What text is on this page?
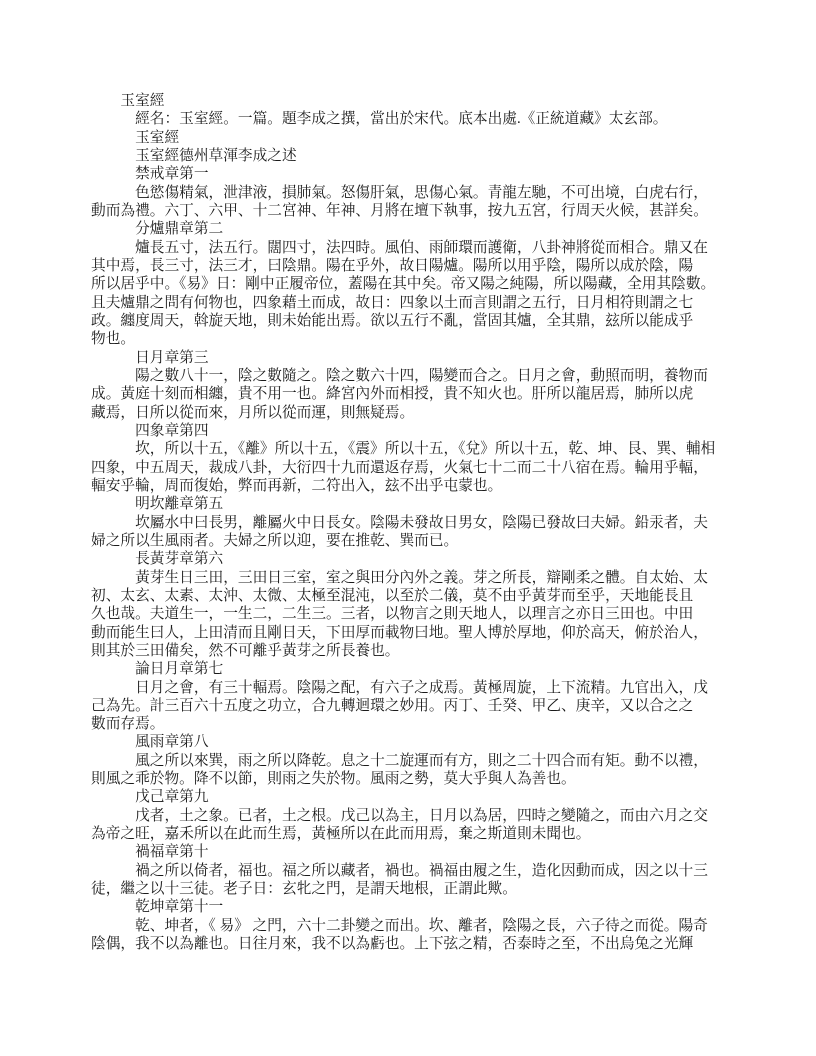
　　玉室經
　　　經名：玉室經。一篇。題李成之撰，當出於宋代。底本出處.《正統道藏》太玄部。
　　　玉室經
　　　玉室經德州草渾李成之述
　　　禁戒章第一
　　　色慾傷精氣，泄津液，損肺氣。怒傷肝氣，思傷心氣。青龍左馳，不可出境，白虎右行，
動而為禮。六丁、六甲、十二宮神、年神、月將在壇下執事，按九五宮，行周天火候，甚詳矣。
　　　分爐鼎章第二
　　　爐長五寸，法五行。闊四寸，法四時。風伯、雨師環而護衛，八卦神將從而相合。鼎又在
其中焉，長三寸，法三才，曰陰鼎。陽在乎外，故日陽爐。陽所以用乎陰，陽所以成於陰，陽
所以居乎中。《易》日：剛中正履帝位，蓋陽在其中矣。帝又陽之純陽，所以陽藏，全用其陰數。
且夫爐鼎之問有何物也，四象藉土而成，故日：四象以土而言則謂之五行，日月相符則謂之七
政。纏度周天，斡旋天地，則未始能出焉。欲以五行不亂，當固其爐，全其鼎，玆所以能成乎
物也。
　　　日月章第三
　　　陽之數八十一，陰之數隨之。陰之數六十四，陽變而合之。日月之會，動照而明，養物而
成。黃庭十刻而相纏，貴不用一也。絳宮內外而相授，貴不知火也。肝所以龍居焉，肺所以虎
藏焉，日所以從而來，月所以從而運，則無疑焉。
　　　四象章第四
　　　坎，所以十五，《離》所以十五，《震》所以十五，《兌》所以十五，乾、坤、艮、巽、輔相
四象，中五周天，裁成八卦，大衍四十九而還返存焉，火氣七十二而二十八宿在焉。輪用乎輻，
輻安乎輪，周而復始，弊而再新，二符出入，玆不出乎屯蒙也。
　　　明坎離章第五
　　　坎屬水中曰長男，離屬火中日長女。陰陽未發故日男女，陰陽已發故曰夫婦。鉛汞者，夫
婦之所以生風雨者。夫婦之所以迎，要在推乾、巽而已。
　　　長黃芽章第六
　　　黃芽生日三田，三田日三室，室之與田分內外之義。芽之所長，辯剛柔之體。自太始、太
初、太玄、太素、太沖、太微、太極至混沌，以至於二儀，莫不由乎黃芽而至乎，天地能長且
久也哉。夫道生一，一生二，二生三。三者，以物言之則天地人，以理言之亦日三田也。中田
動而能生曰人，上田清而且剛日天，下田厚而載物曰地。聖人博於厚地，仰於高天，俯於治人，
則其於三田備矣，然不可離乎黃芽之所長養也。
　　　論日月章第七
　　　日月之會，有三十輻焉。陰陽之配，有六子之成焉。黃極周旋，上下流精。九官出入，戊
己為先。計三百六十五度之功立，合九轉迴環之妙用。丙丁、壬癸、甲乙、庚辛，又以合之之
數而存焉。
　　　風雨章第八
　　　風之所以來巽，雨之所以降乾。息之十二旋運而有方，則之二十四合而有矩。動不以禮，
則風之乖於物。降不以節，則雨之失於物。風雨之勢，莫大乎與人為善也。
　　　戊己章第九
　　　戊者，土之象。已者，土之根。戊己以為主，日月以為居，四時之變隨之，而由六月之交
為帝之旺，嘉禾所以在此而生焉，黃極所以在此而用焉，棄之斯道則未聞也。
　　　禍福章第十
　　　禍之所以倚者，福也。福之所以藏者，禍也。禍福由履之生，造化因動而成，因之以十三
徒，繼之以十三徒。老子日：玄牝之門，是謂天地根，正謂此歟。
　　　乾坤章第十一
　　　乾、坤者，《 易》 之門，六十二卦變之而出。坎、離者，陰陽之長，六子待之而從。陽奇
陰偶，我不以為離也。日往月來，我不以為虧也。上下弦之精，否泰時之至，不出烏兔之光輝
